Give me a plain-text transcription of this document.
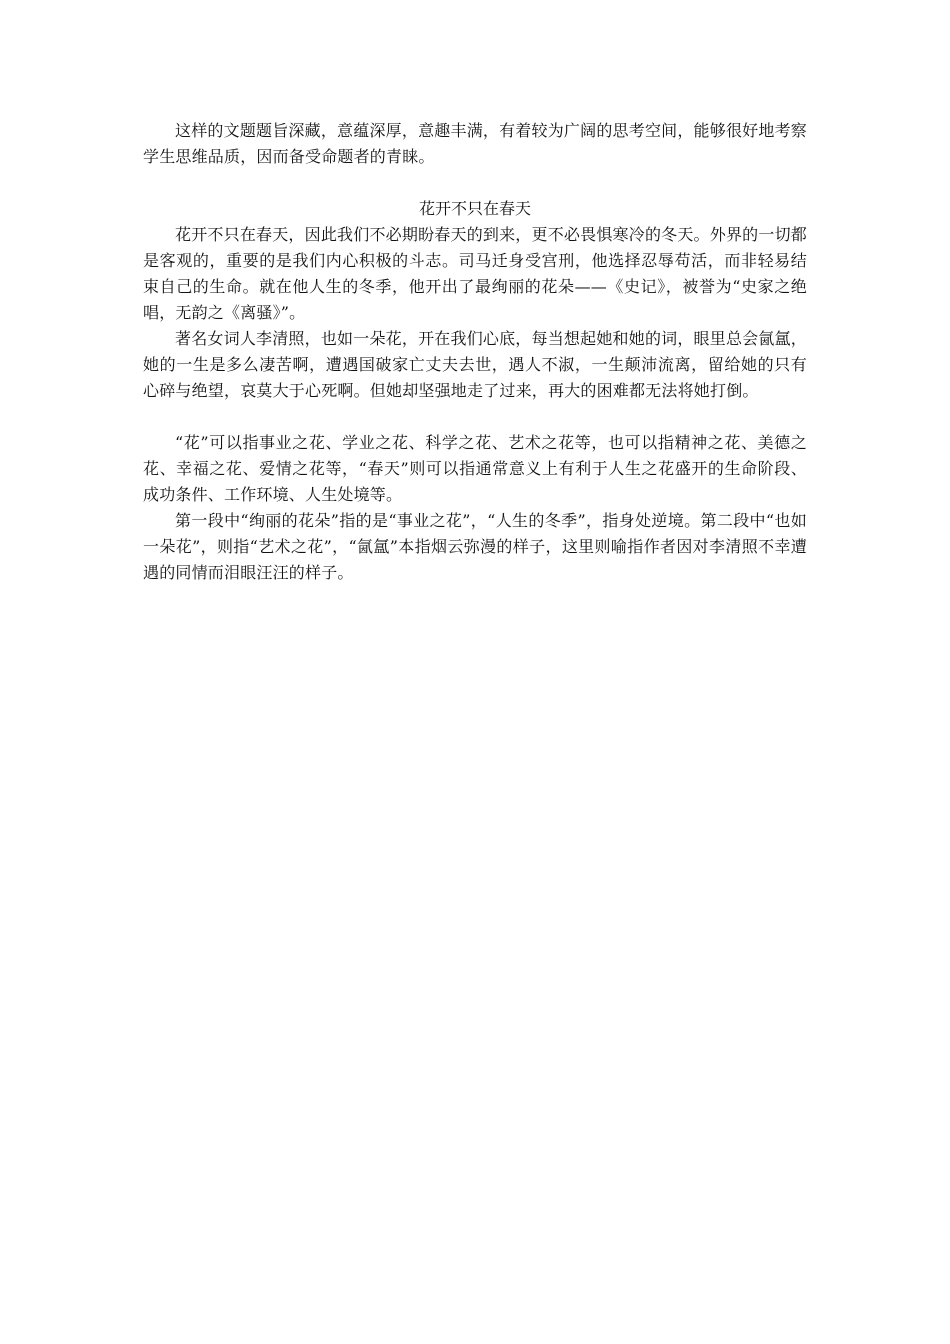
这样的文题题旨深藏，意蕴深厚，意趣丰满，有着较为广阔的思考空间，能够很好地考察学生思维品质，因而备受命题者的青睐。

花开不只在春天

花开不只在春天，因此我们不必期盼春天的到来，更不必畏惧寒冷的冬天。外界的一切都是客观的，重要的是我们内心积极的斗志。司马迁身受宫刑，他选择忍辱苟活，而非轻易结束自己的生命。就在他人生的冬季，他开出了最绚丽的花朵——《史记》，被誉为“史家之绝唱，无韵之《离骚》”。

著名女词人李清照，也如一朵花，开在我们心底，每当想起她和她的词，眼里总会氤氲，她的一生是多么凄苦啊，遭遇国破家亡丈夫去世，遇人不淑，一生颠沛流离，留给她的只有心碎与绝望，哀莫大于心死啊。但她却坚强地走了过来，再大的困难都无法将她打倒。

“花”可以指事业之花、学业之花、科学之花、艺术之花等，也可以指精神之花、美德之花、幸福之花、爱情之花等，“春天”则可以指通常意义上有利于人生之花盛开的生命阶段、成功条件、工作环境、人生处境等。

第一段中“绚丽的花朵”指的是“事业之花”，“人生的冬季”，指身处逆境。第二段中“也如一朵花”，则指“艺术之花”，“氤氲”本指烟云弥漫的样子，这里则喻指作者因对李清照不幸遭遇的同情而泪眼汪汪的样子。
